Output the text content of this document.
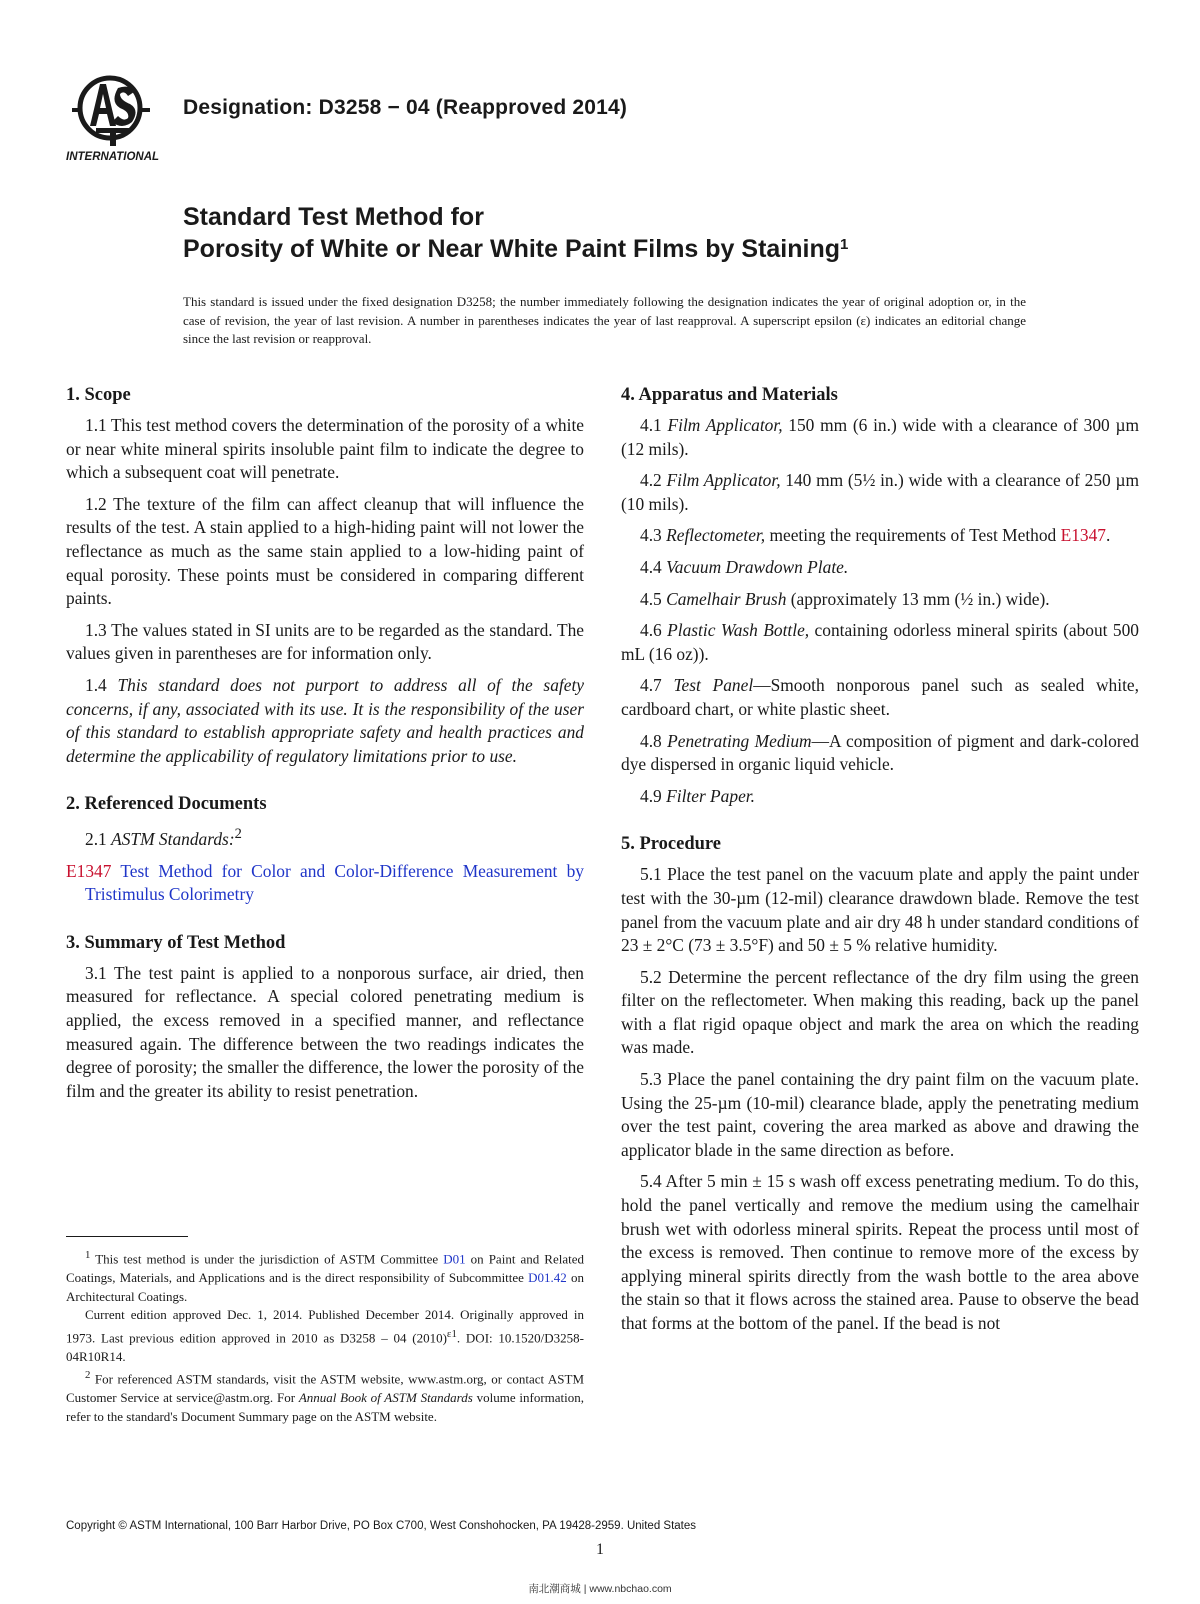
INTERNATIONAL
Designation: D3258 − 04 (Reapproved 2014)
Standard Test Method for
Porosity of White or Near White Paint Films by Staining$^1$
This standard is issued under the fixed designation D3258; the number immediately following the designation indicates the year of original adoption or, in the case of revision, the year of last revision. A number in parentheses indicates the year of last reapproval. A superscript epsilon (ε) indicates an editorial change since the last revision or reapproval.
1. Scope

1.1 This test method covers the determination of the porosity of a white or near white mineral spirits insoluble paint film to indicate the degree to which a subsequent coat will penetrate.

1.2 The texture of the film can affect cleanup that will influence the results of the test. A stain applied to a high-hiding paint will not lower the reflectance as much as the same stain applied to a low-hiding paint of equal porosity. These points must be considered in comparing different paints.

1.3 The values stated in SI units are to be regarded as the standard. The values given in parentheses are for information only.

1.4 This standard does not purport to address all of the safety concerns, if any, associated with its use. It is the responsibility of the user of this standard to establish appropriate safety and health practices and determine the applicability of regulatory limitations prior to use.

2. Referenced Documents

2.1 ASTM Standards:$^2$

E1347 Test Method for Color and Color-Difference Measurement by Tristimulus Colorimetry
3. Summary of Test Method

3.1 The test paint is applied to a nonporous surface, air dried, then measured for reflectance. A special colored penetrating medium is applied, the excess removed in a specified manner, and reflectance measured again. The difference between the two readings indicates the degree of porosity; the smaller the difference, the lower the porosity of the film and the greater its ability to resist penetration.

4. Apparatus and Materials

4.1 Film Applicator, 150 mm (6 in.) wide with a clearance of 300 µm (12 mils).

4.2 Film Applicator, 140 mm (5½ in.) wide with a clearance of 250 µm (10 mils).

4.3 Reflectometer, meeting the requirements of Test Method E1347.

4.4 Vacuum Drawdown Plate.

4.5 Camelhair Brush (approximately 13 mm (½ in.) wide).

4.6 Plastic Wash Bottle, containing odorless mineral spirits (about 500 mL (16 oz)).

4.7 Test Panel—Smooth nonporous panel such as sealed white, cardboard chart, or white plastic sheet.

4.8 Penetrating Medium—A composition of pigment and dark-colored dye dispersed in organic liquid vehicle.

4.9 Filter Paper.

5. Procedure

5.1 Place the test panel on the vacuum plate and apply the paint under test with the 30-µm (12-mil) clearance drawdown blade. Remove the test panel from the vacuum plate and air dry 48 h under standard conditions of 23 ± 2°C (73 ± 3.5°F) and 50 ± 5 % relative humidity.

5.2 Determine the percent reflectance of the dry film using the green filter on the reflectometer. When making this reading, back up the panel with a flat rigid opaque object and mark the area on which the reading was made.

5.3 Place the panel containing the dry paint film on the vacuum plate. Using the 25-µm (10-mil) clearance blade, apply the penetrating medium over the test paint, covering the area marked as above and drawing the applicator blade in the same direction as before.

5.4 After 5 min ± 15 s wash off excess penetrating medium. To do this, hold the panel vertically and remove the medium using the camelhair brush wet with odorless mineral spirits. Repeat the process until most of the excess is removed. Then continue to remove more of the excess by applying mineral spirits directly from the wash bottle to the area above the stain so that it flows across the stained area. Pause to observe the bead that forms at the bottom of the panel. If the bead is not

$^1$ This test method is under the jurisdiction of ASTM Committee D01 on Paint and Related Coatings, Materials, and Applications and is the direct responsibility of Subcommittee D01.42 on Architectural Coatings.

Current edition approved Dec. 1, 2014. Published December 2014. Originally approved in 1973. Last previous edition approved in 2010 as D3258 – 04 $(2010)^{\varepsilon 1}$. DOI: 10.1520/D3258-04R10R14.

$^2$ For referenced ASTM standards, visit the ASTM website, www.astm.org, or contact ASTM Customer Service at service@astm.org. For Annual Book of ASTM Standards volume information, refer to the standard's Document Summary page on the ASTM website.

Copyright © ASTM International, 100 Barr Harbor Drive, PO Box C700, West Conshohocken, PA 19428-2959. United States
1
南北潮商城 | www.nbchao.com
